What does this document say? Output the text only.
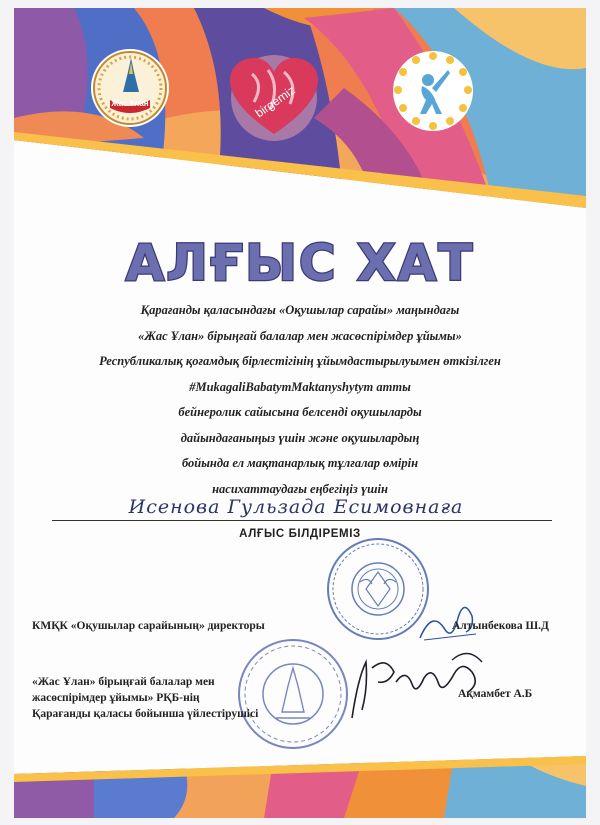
Жас Ұлан	birgemiz
АЛҒЫС ХАТ
Қарағанды қаласындағы «Оқушылар сарайы» маңындағы
«Жас Ұлан» бірыңғай балалар мен жасөспірімдер ұйымы»
Республикалық қоғамдық бірлестігінің ұйымдастырылуымен өткізілген
#MukagaliBabatymMaktanyshytym атты
бейнеролик сайысына белсенді оқушыларды
дайындағаныңыз үшін және оқушылардың
бойында ел мақтанарлық тұлғалар өмірін
насихаттаудағы еңбегіңіз үшін
Исенова Гульзада Есимовнаға
АЛҒЫС БІЛДІРЕМІЗ
КМҚК «Оқушылар сарайының» директоры	Алтынбекова Ш.Д
«Жас Ұлан» бірыңғай балалар мен
жасөспірімдер ұйымы» РҚБ-нің
Қарағанды қаласы бойынша үйлестірушісі
Ақмамбет А.Б
